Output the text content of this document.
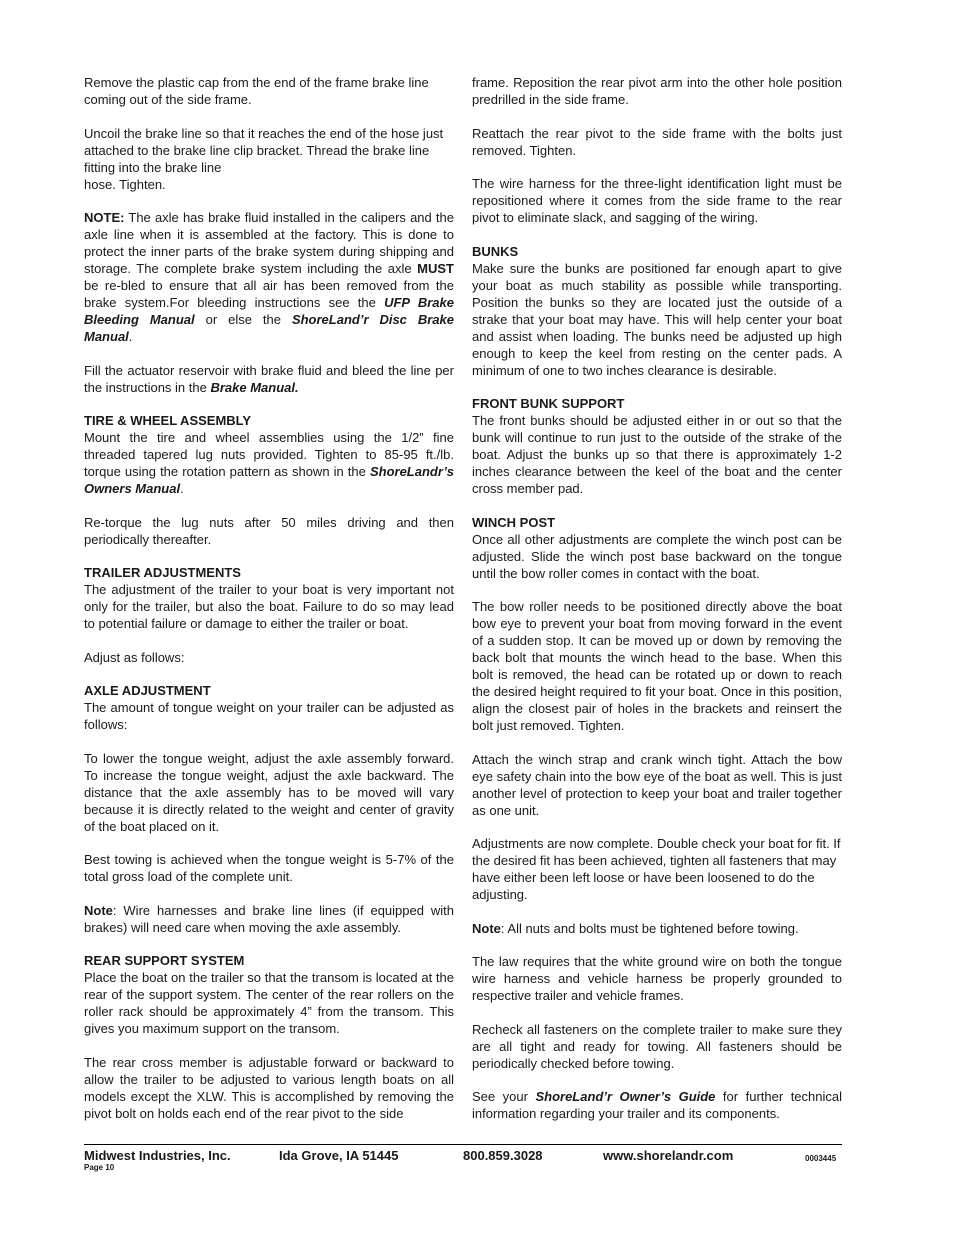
Remove the plastic cap from the end of the frame brake line coming out of the side frame.

Uncoil the brake line so that it reaches the end of the hose just attached to the brake line clip bracket. Thread the brake line fitting into the brake line
hose. Tighten.

NOTE: The axle has brake fluid installed in the calipers and the axle line when it is assembled at the factory. This is done to protect the inner parts of the brake system during shipping and storage. The complete brake system including the axle MUST be re-bled to ensure that all air has been removed from the brake system.For bleeding instructions see the UFP Brake Bleeding Manual or else the ShoreLand’r Disc Brake Manual.

Fill the actuator reservoir with brake fluid and bleed the line per the instructions in the Brake Manual.

TIRE & WHEEL ASSEMBLY
Mount the tire and wheel assemblies using the 1/2” fine threaded tapered lug nuts provided. Tighten to 85-95 ft./lb. torque using the rotation pattern as shown in the ShoreLandr’s Owners Manual.

Re-torque the lug nuts after 50 miles driving and then periodically thereafter.

TRAILER ADJUSTMENTS
The adjustment of the trailer to your boat is very important not only for the trailer, but also the boat. Failure to do so may lead to potential failure or damage to either the trailer or boat.

Adjust as follows:

AXLE ADJUSTMENT
The amount of tongue weight on your trailer can be adjusted as follows:

To lower the tongue weight, adjust the axle assembly forward. To increase the tongue weight, adjust the axle backward. The distance that the axle assembly has to be moved will vary because it is directly related to the weight and center of gravity of the boat placed on it.

Best towing is achieved when the tongue weight is 5-7% of the total gross load of the complete unit.

Note: Wire harnesses and brake line lines (if equipped with brakes) will need care when moving the axle assembly.

REAR SUPPORT SYSTEM
Place the boat on the trailer so that the transom is located at the rear of the support system. The center of the rear rollers on the roller rack should be approximately 4” from the transom. This gives you maximum support on the transom.

The rear cross member is adjustable forward or backward to allow the trailer to be adjusted to various length boats on all models except the XLW. This is accomplished by removing the pivot bolt on holds each end of the rear pivot to the side

frame. Reposition the rear pivot arm into the other hole position predrilled in the side frame.

Reattach the rear pivot to the side frame with the bolts just removed. Tighten.

The wire harness for the three-light identification light must be repositioned where it comes from the side frame to the rear pivot to eliminate slack, and sagging of the wiring.

BUNKS
Make sure the bunks are positioned far enough apart to give your boat as much stability as possible while transporting. Position the bunks so they are located just the outside of a strake that your boat may have. This will help center your boat and assist when loading. The bunks need be adjusted up high enough to keep the keel from resting on the center pads. A minimum of one to two inches clearance is desirable.

FRONT BUNK SUPPORT
The front bunks should be adjusted either in or out so that the bunk will continue to run just to the outside of the strake of the boat. Adjust the bunks up so that there is approximately 1-2 inches clearance between the keel of the boat and the center cross member pad.

WINCH POST
Once all other adjustments are complete the winch post can be adjusted. Slide the winch post base backward on the tongue until the bow roller comes in contact with the boat.

The bow roller needs to be positioned directly above the boat bow eye to prevent your boat from moving forward in the event of a sudden stop. It can be moved up or down by removing the back bolt that mounts the winch head to the base. When this bolt is removed, the head can be rotated up or down to reach the desired height required to fit your boat. Once in this position, align the closest pair of holes in the brackets and reinsert the bolt just removed. Tighten.

Attach the winch strap and crank winch tight. Attach the bow eye safety chain into the bow eye of the boat as well. This is just another level of protection to keep your boat and trailer together as one unit.

Adjustments are now complete. Double check your boat for fit. If the desired fit has been achieved, tighten all fasteners that may have either been left loose or have been loosened to do the adjusting.

Note: All nuts and bolts must be tightened before towing.

The law requires that the white ground wire on both the tongue wire harness and vehicle harness be properly grounded to respective trailer and vehicle frames.

Recheck all fasteners on the complete trailer to make sure they are all tight and ready for towing. All fasteners should be periodically checked before towing.

See your ShoreLand’r Owner’s Guide for further technical information regarding your trailer and its components.

Midwest Industries, Inc.	Ida Grove, IA 51445	800.859.3028	www.shorelandr.com	0003445
Page 10
